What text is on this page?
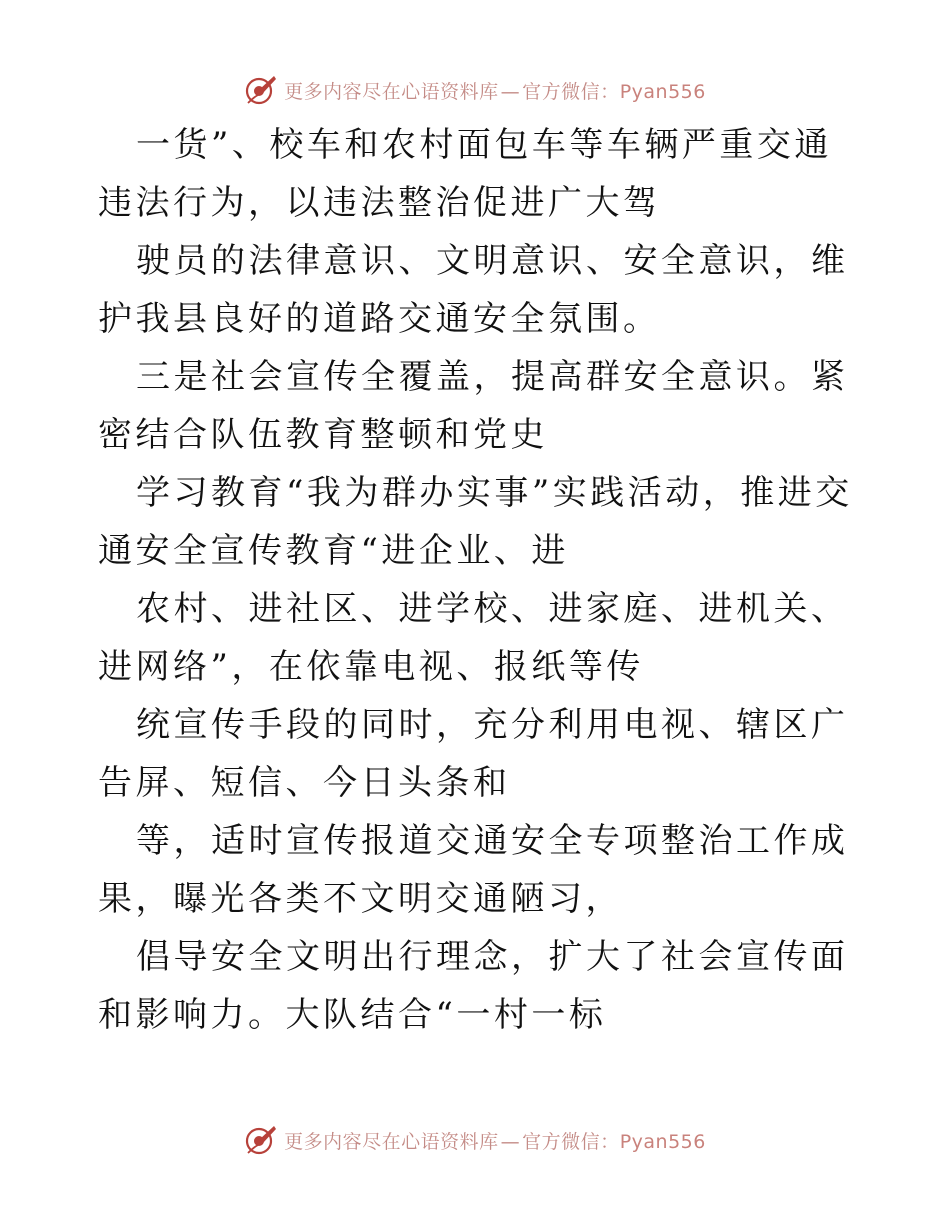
更多内容尽在心语资料库 — 官方微信：Pyan556

一货”、校车和农村面包车等车辆严重交通违法行为，以违法整治促进广大驾

驶员的法律意识、文明意识、安全意识，维护我县良好的道路交通安全氛围。

三是社会宣传全覆盖，提高群安全意识。紧密结合队伍教育整顿和党史

学习教育“我为群办实事”实践活动，推进交通安全宣传教育“进企业、进

农村、进社区、进学校、进家庭、进机关、进网络”，在依靠电视、报纸等传

统宣传手段的同时，充分利用电视、辖区广告屏、短信、今日头条和

等，适时宣传报道交通安全专项整治工作成果，曝光各类不文明交通陋习，

倡导安全文明出行理念，扩大了社会宣传面和影响力。大队结合“一村一标

更多内容尽在心语资料库 — 官方微信：Pyan556
